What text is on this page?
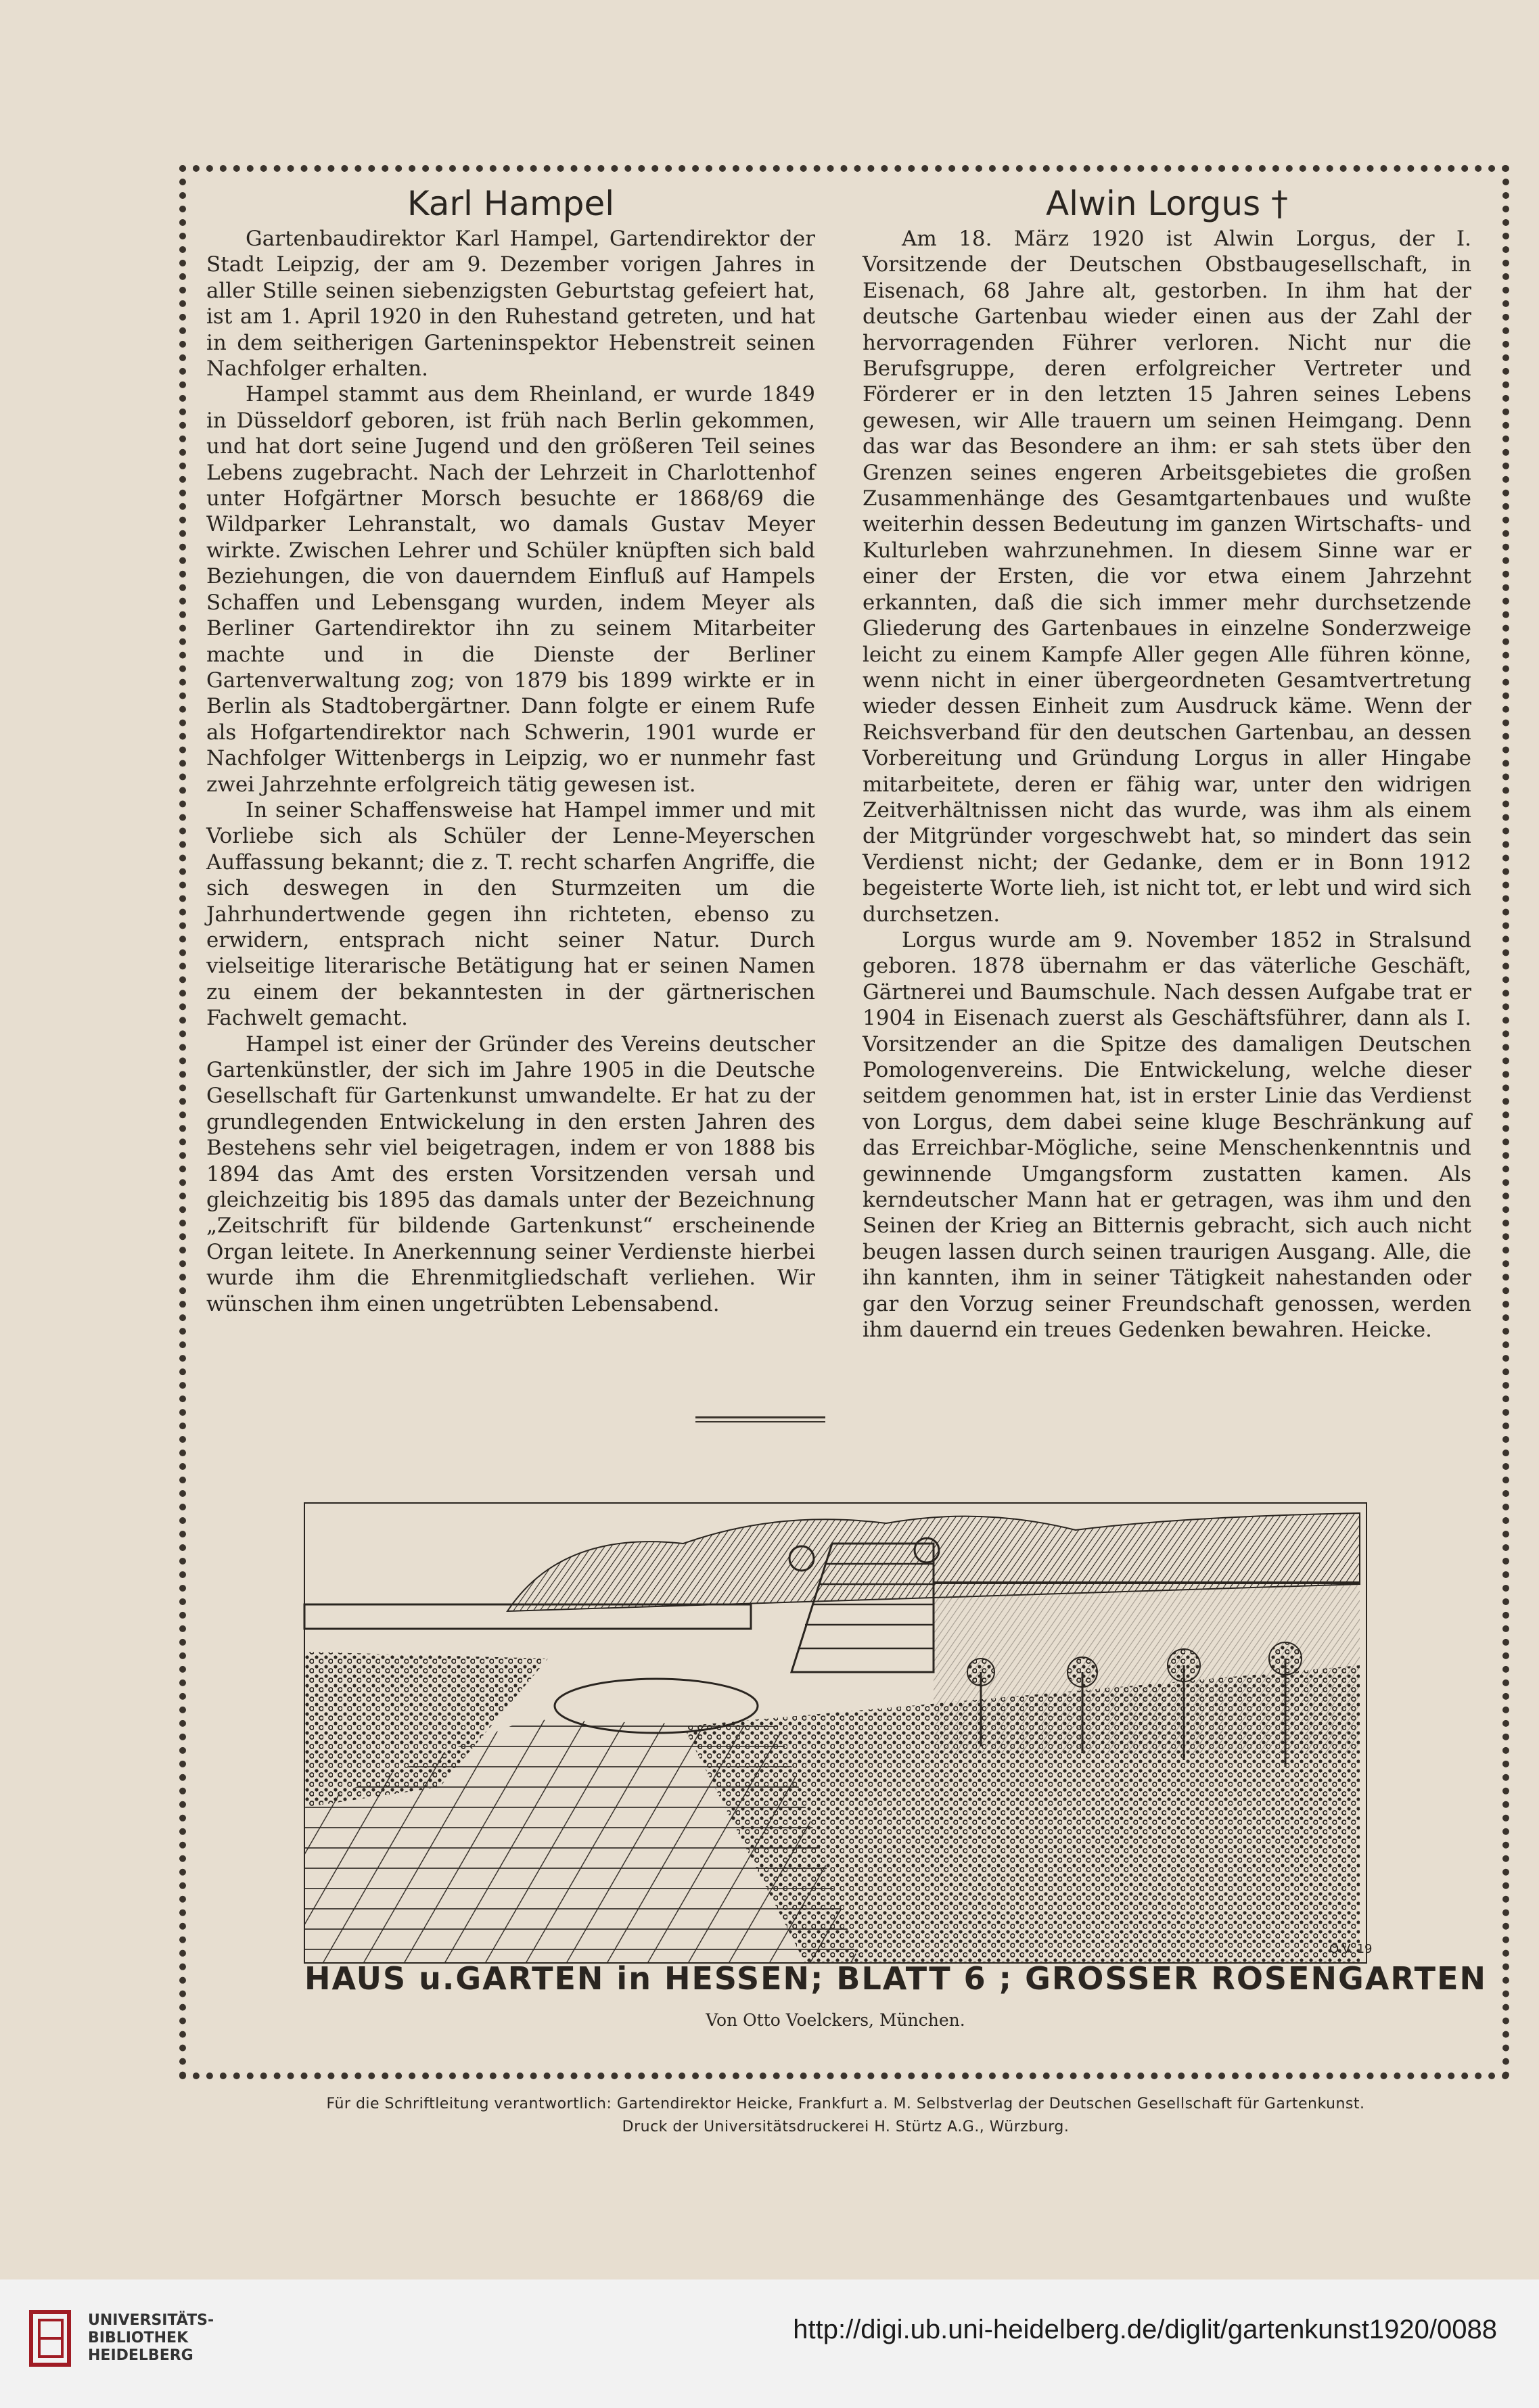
Karl Hampel

Gartenbaudirektor Karl Hampel, Gartendirektor der Stadt Leipzig, der am 9. Dezember vorigen Jahres in aller Stille seinen siebenzigsten Geburtstag gefeiert hat, ist am 1. April 1920 in den Ruhestand getreten, und hat in dem seitherigen Garteninspektor Hebenstreit seinen Nachfolger erhalten.

Hampel stammt aus dem Rheinland, er wurde 1849 in Düsseldorf geboren, ist früh nach Berlin gekommen, und hat dort seine Jugend und den größeren Teil seines Lebens zugebracht. Nach der Lehrzeit in Charlottenhof unter Hofgärtner Morsch besuchte er 1868/69 die Wildparker Lehranstalt, wo damals Gustav Meyer wirkte. Zwischen Lehrer und Schüler knüpften sich bald Beziehungen, die von dauerndem Einfluß auf Hampels Schaffen und Lebensgang wurden, indem Meyer als Berliner Gartendirektor ihn zu seinem Mitarbeiter machte und in die Dienste der Berliner Gartenverwaltung zog; von 1879 bis 1899 wirkte er in Berlin als Stadtobergärtner. Dann folgte er einem Rufe als Hofgartendirektor nach Schwerin, 1901 wurde er Nachfolger Wittenbergs in Leipzig, wo er nunmehr fast zwei Jahrzehnte erfolgreich tätig gewesen ist.

In seiner Schaffensweise hat Hampel immer und mit Vorliebe sich als Schüler der Lenne-Meyerschen Auffassung bekannt; die z. T. recht scharfen Angriffe, die sich deswegen in den Sturmzeiten um die Jahrhundertwende gegen ihn richteten, ebenso zu erwidern, entsprach nicht seiner Natur. Durch vielseitige literarische Betätigung hat er seinen Namen zu einem der bekanntesten in der gärtnerischen Fachwelt gemacht.

Hampel ist einer der Gründer des Vereins deutscher Gartenkünstler, der sich im Jahre 1905 in die Deutsche Gesellschaft für Gartenkunst umwandelte. Er hat zu der grundlegenden Entwickelung in den ersten Jahren des Bestehens sehr viel beigetragen, indem er von 1888 bis 1894 das Amt des ersten Vorsitzenden versah und gleichzeitig bis 1895 das damals unter der Bezeichnung „Zeitschrift für bildende Gartenkunst“ erscheinende Organ leitete. In Anerkennung seiner Verdienste hierbei wurde ihm die Ehrenmitgliedschaft verliehen. Wir wünschen ihm einen ungetrübten Lebensabend.

Alwin Lorgus †

Am 18. März 1920 ist Alwin Lorgus, der I. Vorsitzende der Deutschen Obstbaugesellschaft, in Eisenach, 68 Jahre alt, gestorben. In ihm hat der deutsche Gartenbau wieder einen aus der Zahl der hervorragenden Führer verloren. Nicht nur die Berufsgruppe, deren erfolgreicher Vertreter und Förderer er in den letzten 15 Jahren seines Lebens gewesen, wir Alle trauern um seinen Heimgang. Denn das war das Besondere an ihm: er sah stets über den Grenzen seines engeren Arbeitsgebietes die großen Zusammenhänge des Gesamtgartenbaues und wußte weiterhin dessen Bedeutung im ganzen Wirtschafts- und Kulturleben wahrzunehmen. In diesem Sinne war er einer der Ersten, die vor etwa einem Jahrzehnt erkannten, daß die sich immer mehr durchsetzende Gliederung des Gartenbaues in einzelne Sonderzweige leicht zu einem Kampfe Aller gegen Alle führen könne, wenn nicht in einer übergeordneten Gesamtvertretung wieder dessen Einheit zum Ausdruck käme. Wenn der Reichsverband für den deutschen Gartenbau, an dessen Vorbereitung und Gründung Lorgus in aller Hingabe mitarbeitete, deren er fähig war, unter den widrigen Zeitverhältnissen nicht das wurde, was ihm als einem der Mitgründer vorgeschwebt hat, so mindert das sein Verdienst nicht; der Gedanke, dem er in Bonn 1912 begeisterte Worte lieh, ist nicht tot, er lebt und wird sich durchsetzen.

Lorgus wurde am 9. November 1852 in Stralsund geboren. 1878 übernahm er das väterliche Geschäft, Gärtnerei und Baumschule. Nach dessen Aufgabe trat er 1904 in Eisenach zuerst als Geschäftsführer, dann als I. Vorsitzender an die Spitze des damaligen Deutschen Pomologenvereins. Die Entwickelung, welche dieser seitdem genommen hat, ist in erster Linie das Verdienst von Lorgus, dem dabei seine kluge Beschränkung auf das Erreichbar-Mögliche, seine Menschenkenntnis und gewinnende Umgangsform zustatten kamen. Als kerndeutscher Mann hat er getragen, was ihm und den Seinen der Krieg an Bitternis gebracht, sich auch nicht beugen lassen durch seinen traurigen Ausgang. Alle, die ihn kannten, ihm in seiner Tätigkeit nahestanden oder gar den Vorzug seiner Freundschaft genossen, werden ihm dauernd ein treues Gedenken bewahren. Heicke.

O.V. 19
HAUS u.GARTEN in HESSEN; BLATT 6 ; GROSSER ROSENGARTEN
Von Otto Voelckers, München.
Für die Schriftleitung verantwortlich: Gartendirektor Heicke, Frankfurt a. M. Selbstverlag der Deutschen Gesellschaft für Gartenkunst.
Druck der Universitätsdruckerei H. Stürtz A.G., Würzburg.
UNIVERSITÄTS-
BIBLIOTHEK
HEIDELBERG
http://digi.ub.uni-heidelberg.de/diglit/gartenkunst1920/0088
